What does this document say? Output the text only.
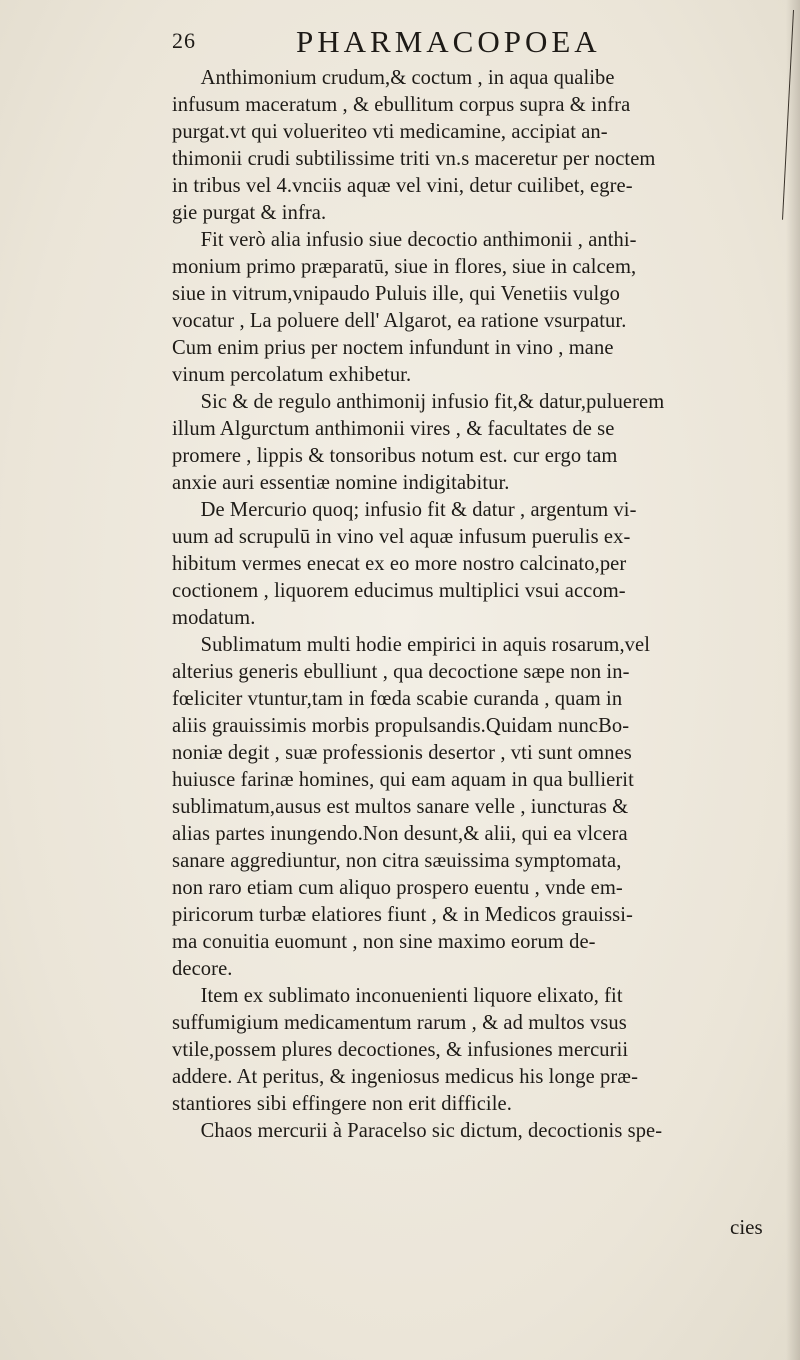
26	PHARMACOPOEA
Anthimonium crudum,& coctum , in aqua qualibe
infusum maceratum , & ebullitum corpus supra & infra
purgat.vt qui volueriteo vti medicamine, accipiat an-
thimonii crudi subtilissime triti vn.s maceretur per noctem
in tribus vel 4.vnciis aquæ vel vini, detur cuilibet, egre-
gie purgat & infra.
Fit verò alia infusio siue decoctio anthimonii , anthi-
monium primo præparatū, siue in flores, siue in calcem,
siue in vitrum,vnipaudo Puluis ille, qui Venetiis vulgo
vocatur , La poluere dell' Algarot, ea ratione vsurpatur.
Cum enim prius per noctem infundunt in vino , mane
vinum percolatum exhibetur.
Sic & de regulo anthimonij infusio fit,& datur,puluerem
illum Algurctum anthimonii vires , & facultates de se
promere , lippis & tonsoribus notum est. cur ergo tam
anxie auri essentiæ nomine indigitabitur.
De Mercurio quoq; infusio fit & datur , argentum vi-
uum ad scrupulū in vino vel aquæ infusum puerulis ex-
hibitum vermes enecat ex eo more nostro calcinato,per
coctionem , liquorem educimus multiplici vsui accom-
modatum.
Sublimatum multi hodie empirici in aquis rosarum,vel
alterius generis ebulliunt , qua decoctione sæpe non in-
fœliciter vtuntur,tam in fœda scabie curanda , quam in
aliis grauissimis morbis propulsandis.Quidam nuncBo-
noniæ degit , suæ professionis desertor , vti sunt omnes
huiusce farinæ homines, qui eam aquam in qua bullierit
sublimatum,ausus est multos sanare velle , iuncturas &
alias partes inungendo.Non desunt,& alii, qui ea vlcera
sanare aggrediuntur, non citra sæuissima symptomata,
non raro etiam cum aliquo prospero euentu , vnde em-
piricorum turbæ elatiores fiunt , & in Medicos grauissi-
ma conuitia euomunt , non sine maximo eorum de-
decore.
Item ex sublimato inconuenienti liquore elixato, fit
suffumigium medicamentum rarum , & ad multos vsus
vtile,possem plures decoctiones, & infusiones mercurii
addere. At peritus, & ingeniosus medicus his longe præ-
stantiores sibi effingere non erit difficile.
Chaos mercurii à Paracelso sic dictum, decoctionis spe-
cies
